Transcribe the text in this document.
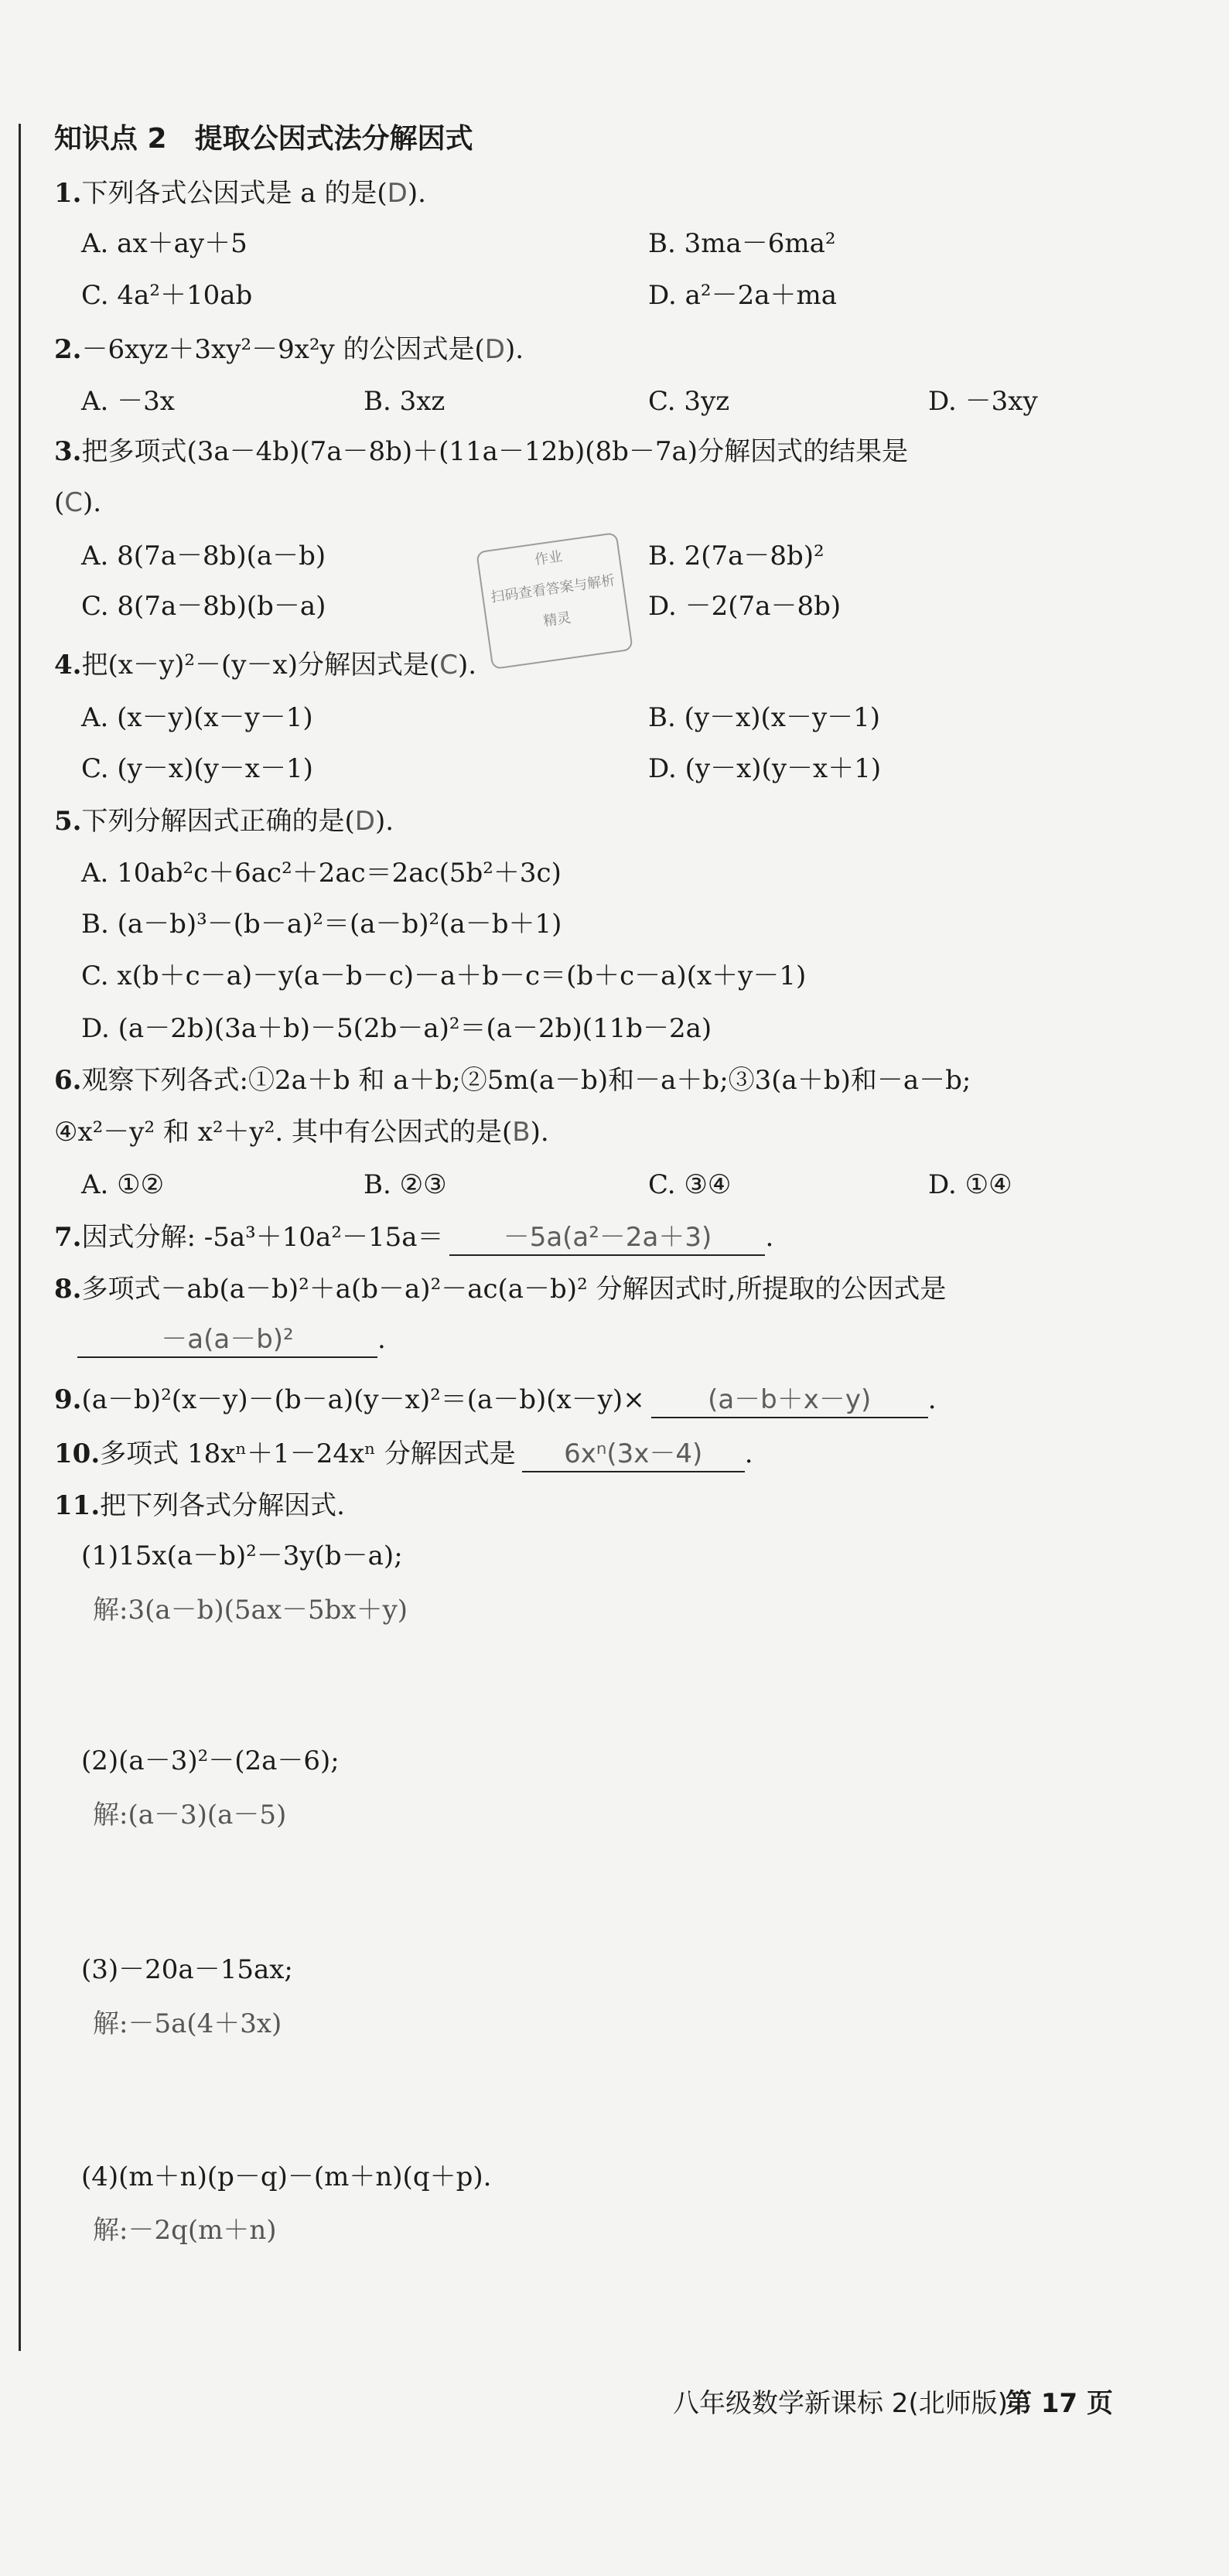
知识点 2　提取公因式法分解因式
1.下列各式公因式是 a 的是(D).
A. ax＋ay＋5	B. 3ma－6ma²
C. 4a²＋10ab	D. a²－2a＋ma
2.－6xyz＋3xy²－9x²y 的公因式是(D).
A. －3x	B. 3xz	C. 3yz	D. －3xy
3.把多项式(3a－4b)(7a－8b)＋(11a－12b)(8b－7a)分解因式的结果是
(C).
A. 8(7a－8b)(a－b)	B. 2(7a－8b)²
C. 8(7a－8b)(b－a)	D. －2(7a－8b)
作业
扫码查看答案与解析
精灵
4.把(x－y)²－(y－x)分解因式是(C).
A. (x－y)(x－y－1)	B. (y－x)(x－y－1)
C. (y－x)(y－x－1)	D. (y－x)(y－x＋1)
5.下列分解因式正确的是(D).
A. 10ab²c＋6ac²＋2ac＝2ac(5b²＋3c)
B. (a－b)³－(b－a)²＝(a－b)²(a－b＋1)
C. x(b＋c－a)－y(a－b－c)－a＋b－c＝(b＋c－a)(x＋y－1)
D. (a－2b)(3a＋b)－5(2b－a)²＝(a－2b)(11b－2a)
6.观察下列各式:①2a＋b 和 a＋b;②5m(a－b)和－a＋b;③3(a＋b)和－a－b;
④x²－y² 和 x²＋y². 其中有公因式的是(B).
A. ①②	B. ②③	C. ③④	D. ①④
7.因式分解: -5a³＋10a²－15a＝ －5a(a²－2a＋3) .
8.多项式－ab(a－b)²＋a(b－a)²－ac(a－b)² 分解因式时,所提取的公因式是
－a(a－b)²	.
9.(a－b)²(x－y)－(b－a)(y－x)²＝(a－b)(x－y)× (a－b＋x－y) .
10.多项式 18xⁿ＋1－24xⁿ 分解因式是 6xⁿ(3x－4) .
11.把下列各式分解因式.
(1)15x(a－b)²－3y(b－a);
解:3(a－b)(5ax－5bx＋y)
(2)(a－3)²－(2a－6);
解:(a－3)(a－5)
(3)－20a－15ax;
解:－5a(4＋3x)
(4)(m＋n)(p－q)－(m＋n)(q＋p).
解:－2q(m＋n)
八年级数学新课标 2(北师版)
第 17 页
